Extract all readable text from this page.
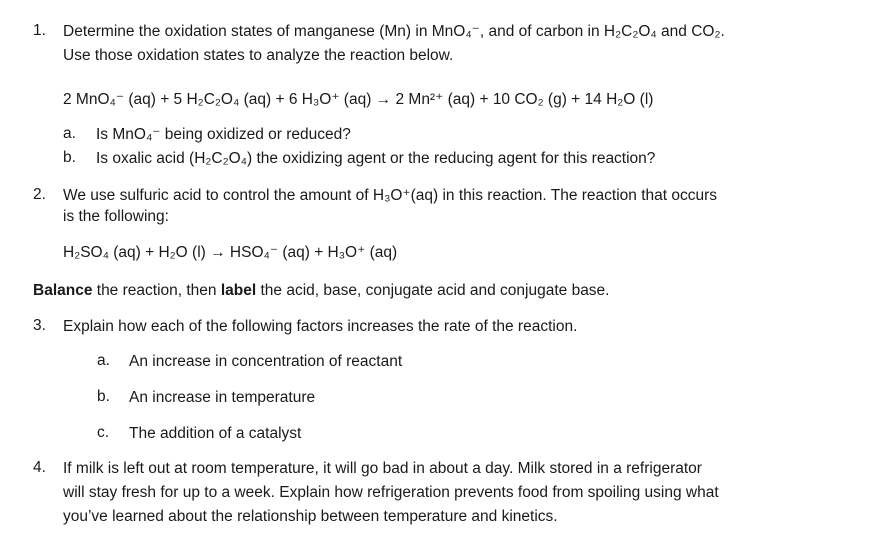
1. Determine the oxidation states of manganese (Mn) in MnO₄⁻, and of carbon in H₂C₂O₄ and CO₂.
Use those oxidation states to analyze the reaction below.
2 MnO₄⁻ (aq) + 5 H₂C₂O₄ (aq) + 6 H₃O⁺ (aq) → 2 Mn²⁺ (aq) + 10 CO₂ (g) + 14 H₂O (l)
a. Is MnO₄⁻ being oxidized or reduced?
b. Is oxalic acid (H₂C₂O₄) the oxidizing agent or the reducing agent for this reaction?
2. We use sulfuric acid to control the amount of H₃O⁺(aq) in this reaction. The reaction that occurs
is the following:
H₂SO₄ (aq) + H₂O (l) → HSO₄⁻ (aq) + H₃O⁺ (aq)
Balance the reaction, then label the acid, base, conjugate acid and conjugate base.
3. Explain how each of the following factors increases the rate of the reaction.
a. An increase in concentration of reactant
b. An increase in temperature
c. The addition of a catalyst
4. If milk is left out at room temperature, it will go bad in about a day. Milk stored in a refrigerator
will stay fresh for up to a week. Explain how refrigeration prevents food from spoiling using what
you’ve learned about the relationship between temperature and kinetics.
